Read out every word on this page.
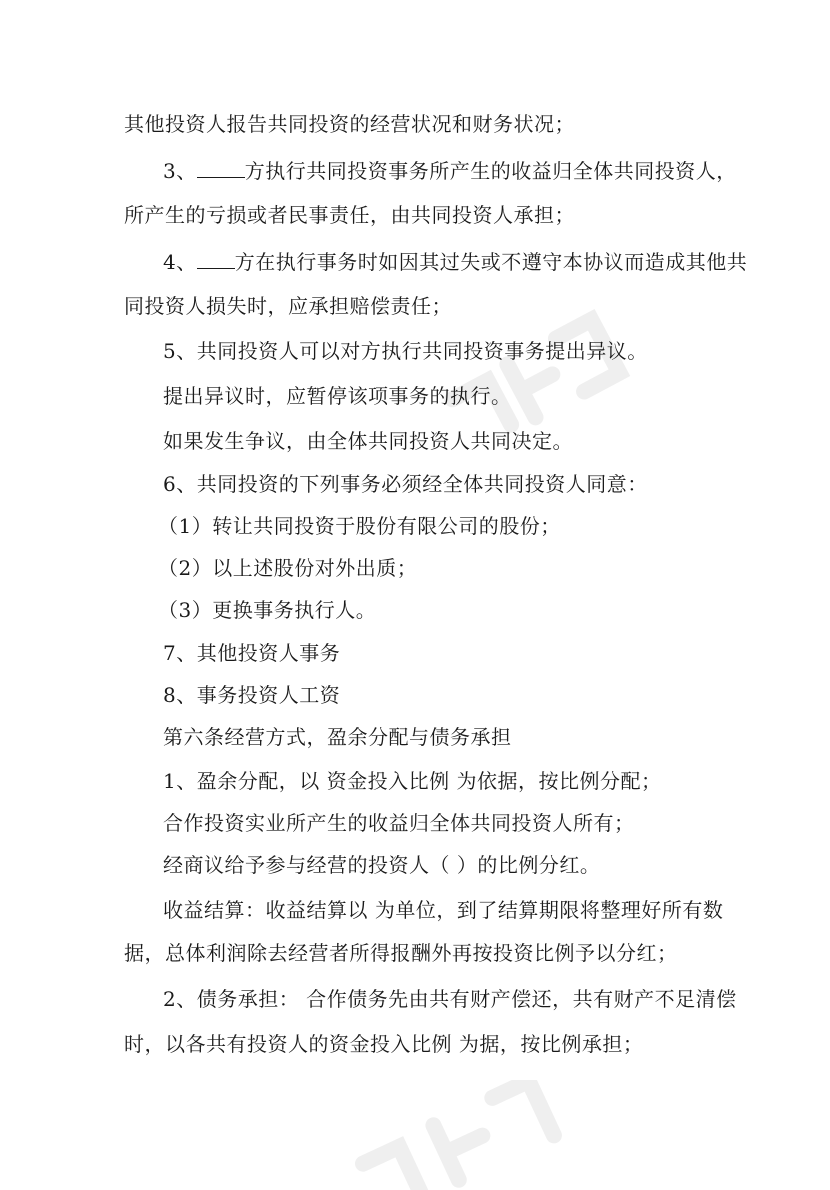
其他投资人报告共同投资的经营状况和财务状况；
3、 方执行共同投资事务所产生的收益归全体共同投资人，
所产生的亏损或者民事责任，由共同投资人承担；
4、 方在执行事务时如因其过失或不遵守本协议而造成其他共
同投资人损失时，应承担赔偿责任；
5、共同投资人可以对方执行共同投资事务提出异议。
提出异议时，应暂停该项事务的执行。
如果发生争议，由全体共同投资人共同决定。
6、共同投资的下列事务必须经全体共同投资人同意：
（1）转让共同投资于股份有限公司的股份；
（2）以上述股份对外出质；
（3）更换事务执行人。
7、其他投资人事务
8、事务投资人工资
第六条经营方式，盈余分配与债务承担
1、盈余分配，以 资金投入比例 为依据，按比例分配；
合作投资实业所产生的收益归全体共同投资人所有；
经商议给予参与经营的投资人（ ）的比例分红。
收益结算：收益结算以 为单位，到了结算期限将整理好所有数
据，总体利润除去经营者所得报酬外再按投资比例予以分红；
2、债务承担： 合作债务先由共有财产偿还，共有财产不足清偿
时，以各共有投资人的资金投入比例 为据，按比例承担；
